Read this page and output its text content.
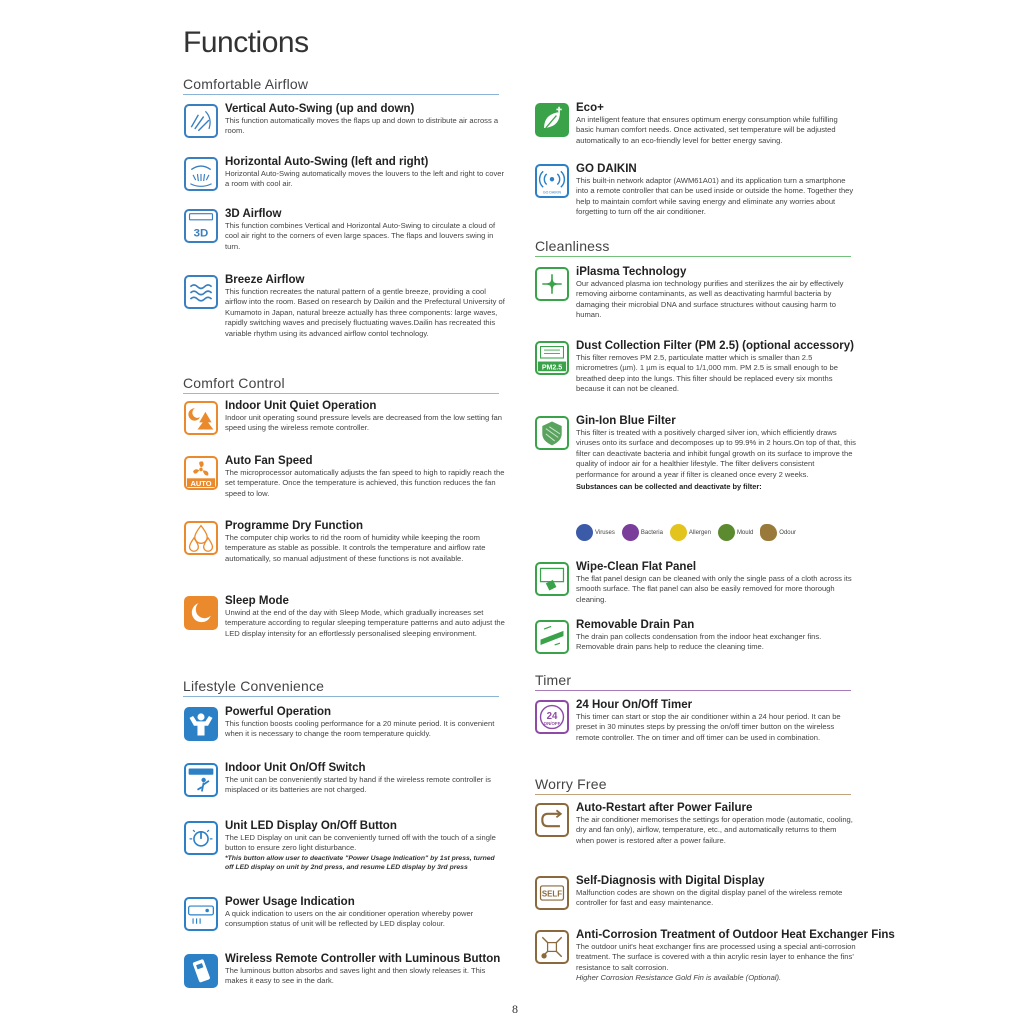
Functions
Comfortable Airflow
Vertical Auto-Swing (up and down)
This function automatically moves the flaps up and down to distribute air across a room.
Horizontal Auto-Swing (left and right)
Horizontal Auto-Swing automatically moves the louvers to the left and right to cover a room with cool air.
3D
3D Airflow
This function combines Vertical and Horizontal Auto-Swing to circulate a cloud of cool air right to the corners of even large spaces. The flaps and louvers swing in turn.
Breeze Airflow
This function recreates the natural pattern of a gentle breeze, providing a cool airflow into the room. Based on research by Daikin and the Prefectural University of Kumamoto in Japan, natural breeze actually has three components: large waves, rapidly switching waves and precisely fluctuating waves.Dailin has recreated this variable rhythm using its advanced airflow contol technology.
Comfort Control
Indoor Unit Quiet Operation
Indoor unit operating sound pressure levels are decreased from the low setting fan speed using the wireless remote controller.
AUTO
Auto Fan Speed
The microprocessor automatically adjusts the fan speed to high to rapidly reach the set temperature. Once the temperature is achieved, this function reduces the fan speed to low.
Programme Dry Function
The computer chip works to rid the room of humidity while keeping the room temperature as stable as possible. It controls the temperature and airflow rate automatically, so manual adjustment of these functions is not available.
Sleep Mode
Unwind at the end of the day with Sleep Mode, which gradually increases set temperature according to regular sleeping temperature patterns and auto adjust the LED display intensity for an effortlessly personalised sleeping environment.
Lifestyle Convenience
Powerful Operation
This function boosts cooling performance for a 20 minute period. It is convenient when it is necessary to change the room temperature quickly.
Indoor Unit On/Off Switch
The unit can be conveniently started by hand if the wireless remote controller is misplaced or its batteries are not charged.
Unit LED Display On/Off Button
The LED Display on unit can be conveniently turned off with the touch of a single button to ensure zero light disturbance.
*This button allow user to deactivate "Power Usage Indication" by 1st press, turned off LED display on unit by 2nd press, and resume LED display by 3rd press
Power Usage Indication
A quick indication to users on the air conditioner operation whereby power consumption status of unit will be reflected by LED display colour.
Wireless Remote Controller with Luminous Button
The luminous button absorbs and saves light and then slowly releases it. This makes it easy to see in the dark.
Eco+
An intelligent feature that ensures optimum energy consumption while fulfilling basic human comfort needs. Once activated, set temperature will be adjusted automatically to an eco-friendly level for better energy saving.
GO DAIKIN
GO DAIKIN
This built-in network adaptor (AWM61A01) and its application turn a smartphone into a remote controller that can be used inside or outside the home. Together they help to maintain comfort while saving energy and eliminate any worries about forgetting to turn off the air conditioner.
Cleanliness
iPlasma Technology
Our advanced plasma ion technology purifies and sterilizes the air by effectively removing airborne contaminants, as well as deactivating harmful bacteria by damaging their microbial DNA and surface structures without causing harm to human.
PM2.5
Dust Collection Filter (PM 2.5) (optional accessory)
This filter removes PM 2.5, particulate matter which is smaller than 2.5 micrometres (µm). 1 µm is equal to 1/1,000 mm. PM 2.5 is small enough to be breathed deep into the lungs. This filter should be replaced every six months because it can not be cleaned.
Gin-Ion Blue Filter
This filter is treated with a positively charged silver ion, which efficiently draws viruses onto its surface and decomposes up to 99.9% in 2 hours.On top of that, this filter can deactivate bacteria and inhibit fungal growth on its surface to improve the quality of indoor air for a healthier lifestyle. The filter delivers consistent performance for around a year if filter is cleaned once every 2 weeks.
Substances can be collected and deactivate by filter:
Viruses	Bacteria	Allergen	Mould	Odour
Wipe-Clean Flat Panel
The flat panel design can be cleaned with only the single pass of a cloth across its smooth surface. The flat panel can also be easily removed for more thorough cleaning.
Removable Drain Pan
The drain pan collects condensation from the indoor heat exchanger fins. Removable drain pans help to reduce the cleaning time.
Timer
24
ON/OFF
24 Hour On/Off Timer
This timer can start or stop the air conditioner within a 24 hour period. It can be preset in 30 minutes steps by pressing the on/off timer button on the wireless remote controller. The on timer and off timer can be used in combination.
Worry Free
Auto-Restart after Power Failure
The air conditioner memorises the settings for operation mode (automatic, cooling, dry and fan only), airflow, temperature, etc., and automatically returns to them when power is restored after a power failure.
SELF
Self-Diagnosis with Digital Display
Malfunction codes are shown on the digital display panel of the wireless remote controller for fast and easy maintenance.
Anti-Corrosion Treatment of Outdoor Heat Exchanger Fins
The outdoor unit's heat exchanger fins are processed using a special anti-corrosion treatment. The surface is covered with a thin acrylic resin layer to enhance the fins' resistance to salt corrosion.
Higher Corrosion Resistance Gold Fin is available (Optional).
8
